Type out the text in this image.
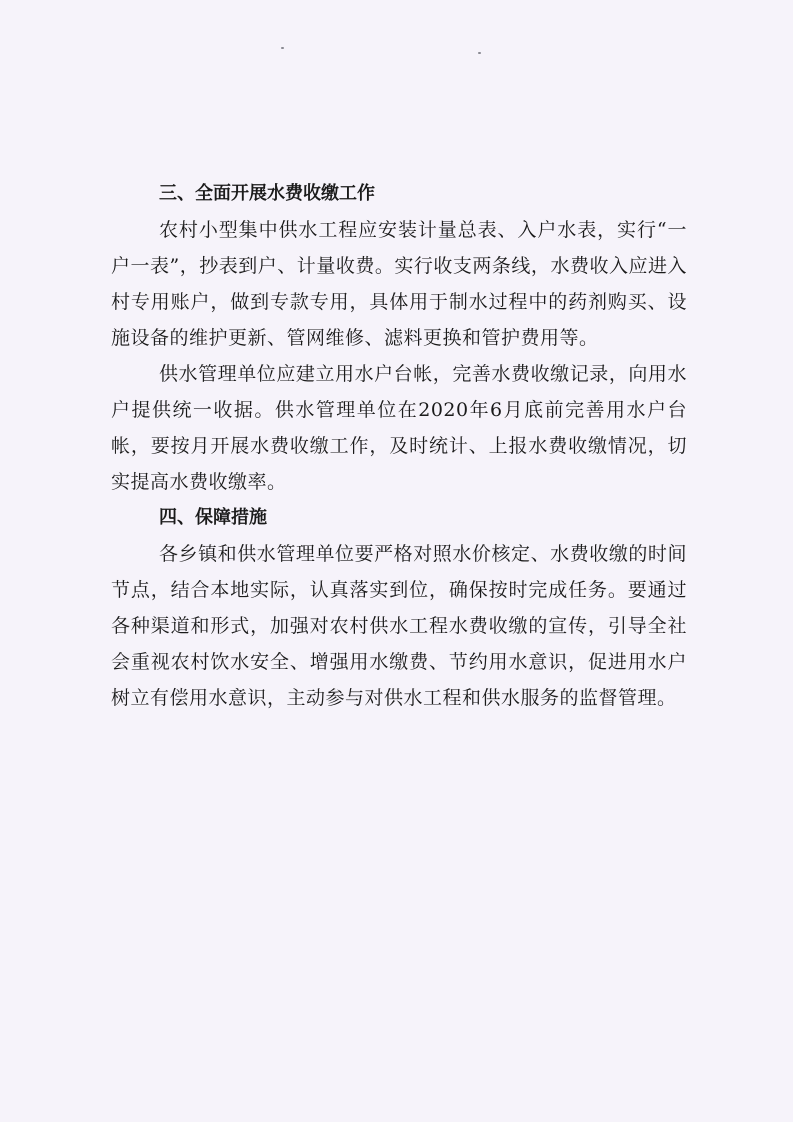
三、全面开展水费收缴工作

农村小型集中供水工程应安装计量总表、入户水表，实行“一户一表”，抄表到户、计量收费。实行收支两条线，水费收入应进入村专用账户，做到专款专用，具体用于制水过程中的药剂购买、设施设备的维护更新、管网维修、滤料更换和管护费用等。

供水管理单位应建立用水户台帐，完善水费收缴记录，向用水户提供统一收据。供水管理单位在2020年6月底前完善用水户台帐，要按月开展水费收缴工作，及时统计、上报水费收缴情况，切实提高水费收缴率。

四、保障措施

各乡镇和供水管理单位要严格对照水价核定、水费收缴的时间节点，结合本地实际，认真落实到位，确保按时完成任务。要通过各种渠道和形式，加强对农村供水工程水费收缴的宣传，引导全社会重视农村饮水安全、增强用水缴费、节约用水意识，促进用水户树立有偿用水意识，主动参与对供水工程和供水服务的监督管理。
